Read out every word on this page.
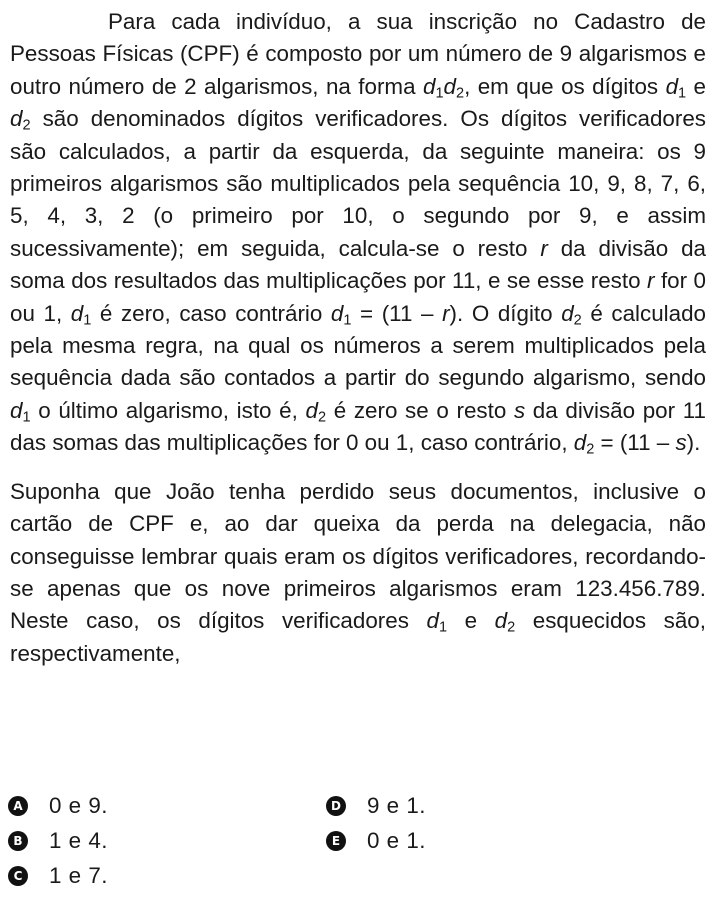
Para cada indivíduo, a sua inscrição no Cadastro de Pessoas Físicas (CPF) é composto por um número de 9 algarismos e outro número de 2 algarismos, na forma $d_1d_2$, em que os dígitos $d_1$ e $d_2$ são denominados dígitos verificadores. Os dígitos verificadores são calculados, a partir da esquerda, da seguinte maneira: os 9 primeiros algarismos são multiplicados pela sequência 10, 9, 8, 7, 6, 5, 4, 3, 2 (o primeiro por 10, o segundo por 9, e assim sucessivamente); em seguida, calcula-se o resto r da divisão da soma dos resultados das multiplicações por 11, e se esse resto r for 0 ou 1, $d_1$ é zero, caso contrário $d_1 = (11 - r)$. O dígito $d_2$ é calculado pela mesma regra, na qual os números a serem multiplicados pela sequência dada são contados a partir do segundo algarismo, sendo $d_1$ o último algarismo, isto é, $d_2$ é zero se o resto s da divisão por 11 das somas das multiplicações for 0 ou 1, caso contrário, $d_2 = (11 - s)$.

Suponha que João tenha perdido seus documentos, inclusive o cartão de CPF e, ao dar queixa da perda na delegacia, não conseguisse lembrar quais eram os dígitos verificadores, recordando-se apenas que os nove primeiros algarismos eram 123.456.789. Neste caso, os dígitos verificadores $d_1$ e $d_2$ esquecidos são, respectivamente,

A 0 e 9.
B 1 e 4.
C 1 e 7.
D 9 e 1.
E 0 e 1.
